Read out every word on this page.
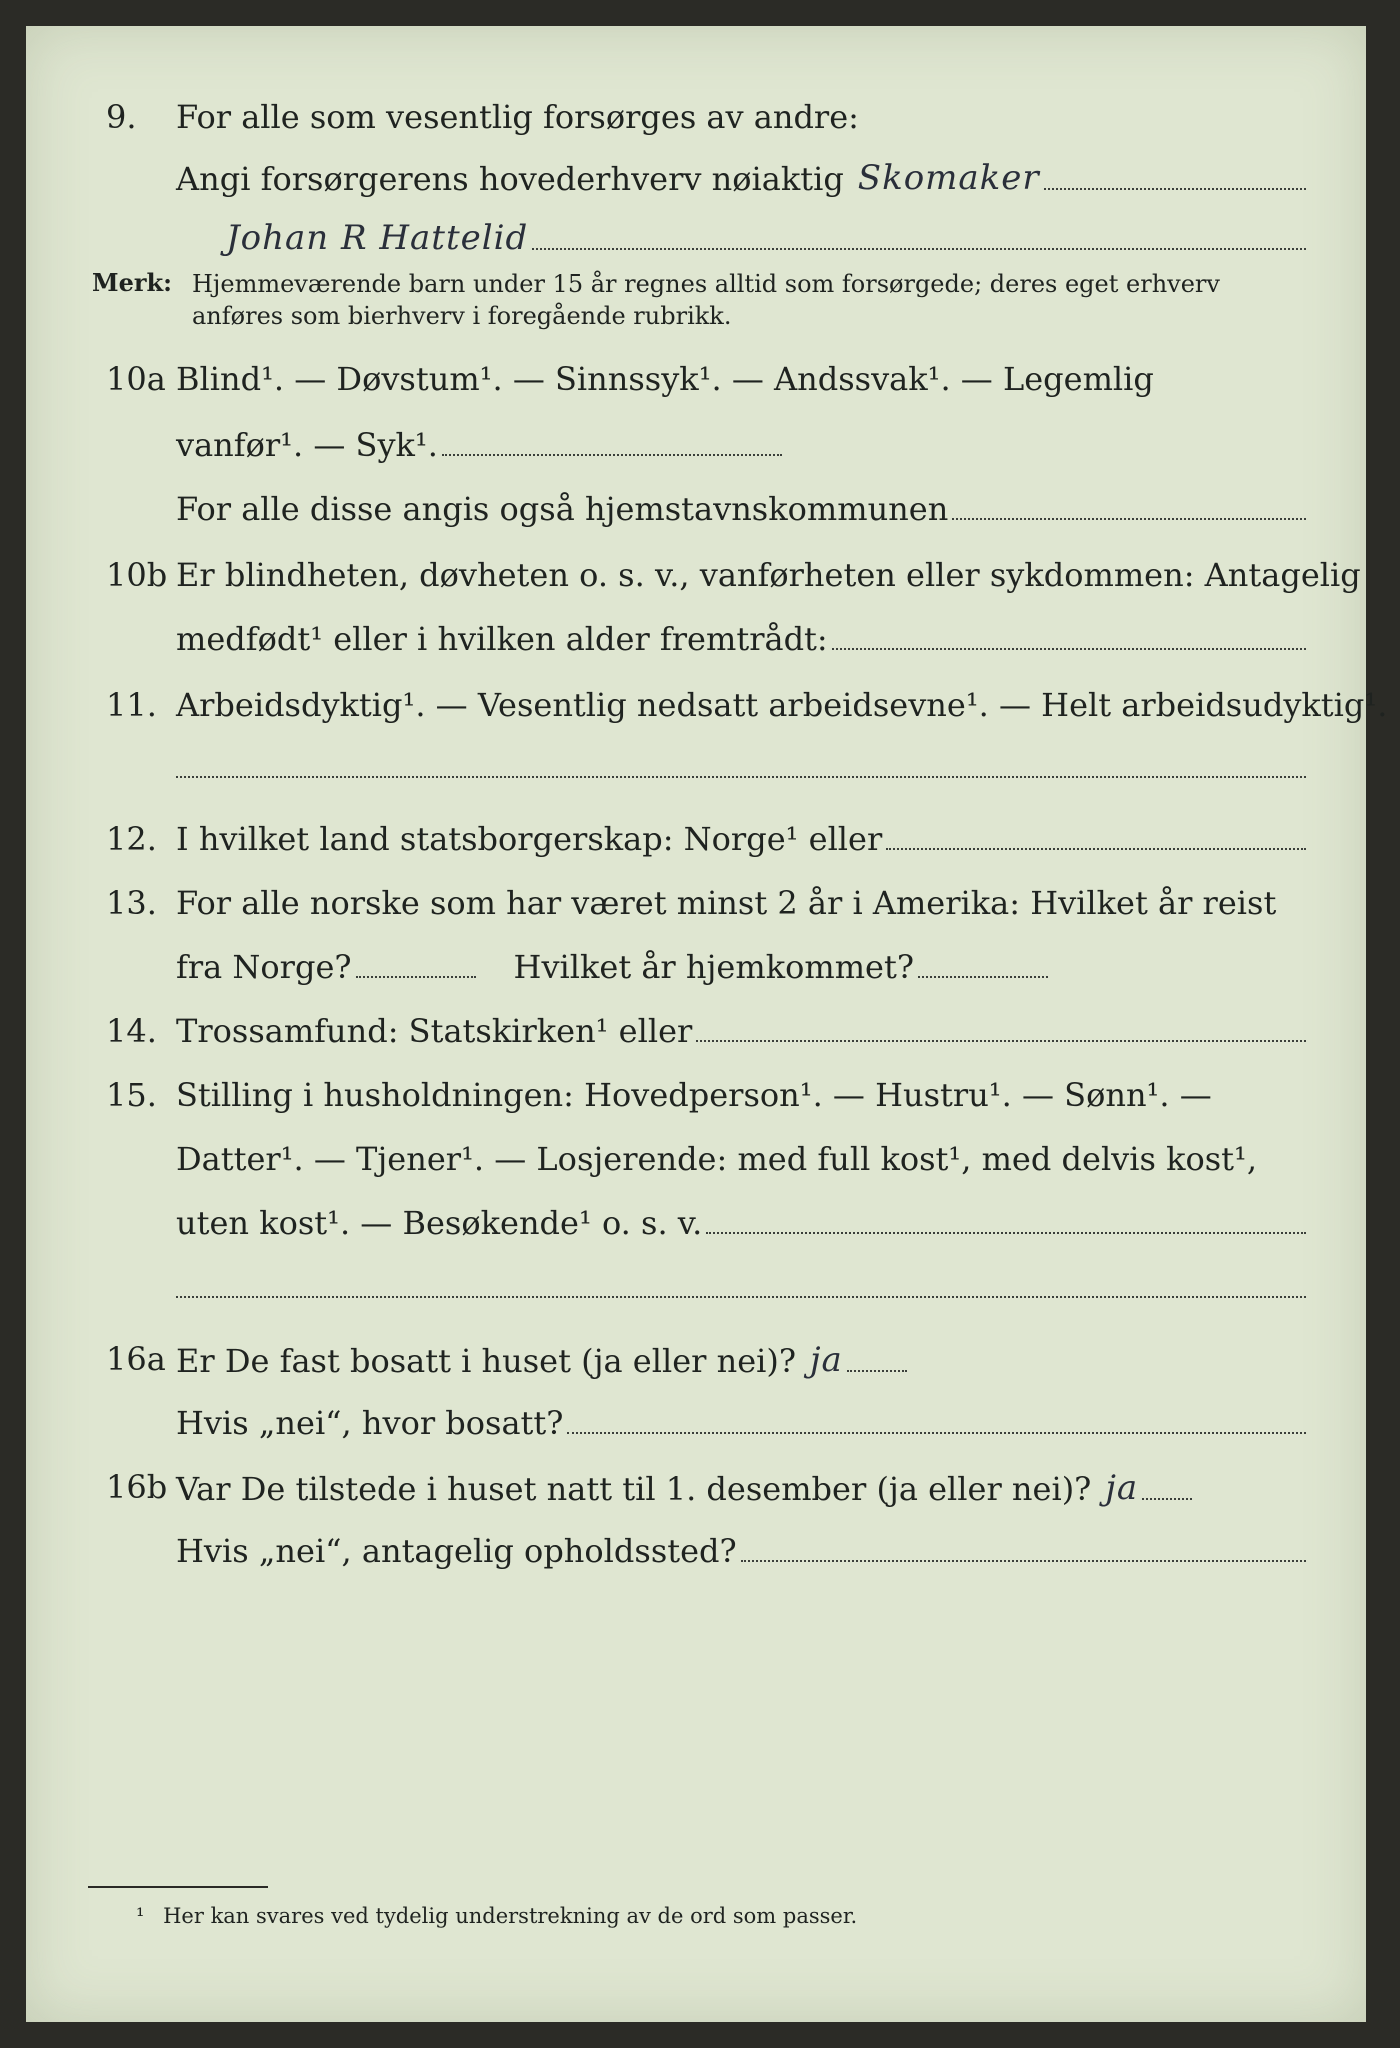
9. For alle som vesentlig forsørges av andre:
Angi forsørgerens hovederhverv nøiaktig Skomaker
Johan R Hattelid
Merk: Hjemmeværende barn under 15 år regnes alltid som forsørgede; deres eget erhverv anføres som bierhverv i foregående rubrikk.
10a Blind¹. — Døvstum¹. — Sinnssyk¹. — Andssvak¹. — Legemlig
vanfør¹. — Syk¹.
For alle disse angis også hjemstavnskommunen
10b Er blindheten, døvheten o. s. v., vanførheten eller sykdommen: Antagelig
medfødt¹ eller i hvilken alder fremtrådt:
11. Arbeidsdyktig¹. — Vesentlig nedsatt arbeidsevne¹. — Helt arbeidsudyktig¹.
12. I hvilket land statsborgerskap: Norge¹ eller
13. For alle norske som har været minst 2 år i Amerika: Hvilket år reist
fra Norge?	Hvilket år hjemkommet?
14. Trossamfund: Statskirken¹ eller
15. Stilling i husholdningen: Hovedperson¹. — Hustru¹. — Sønn¹. —
Datter¹. — Tjener¹. — Losjerende: med full kost¹, med delvis kost¹,
uten kost¹. — Besøkende¹ o. s. v.
16a Er De fast bosatt i huset (ja eller nei)? ja
Hvis „nei“, hvor bosatt?
16b Var De tilstede i huset natt til 1. desember (ja eller nei)? ja
Hvis „nei“, antagelig opholdssted?
¹ Her kan svares ved tydelig understrekning av de ord som passer.
